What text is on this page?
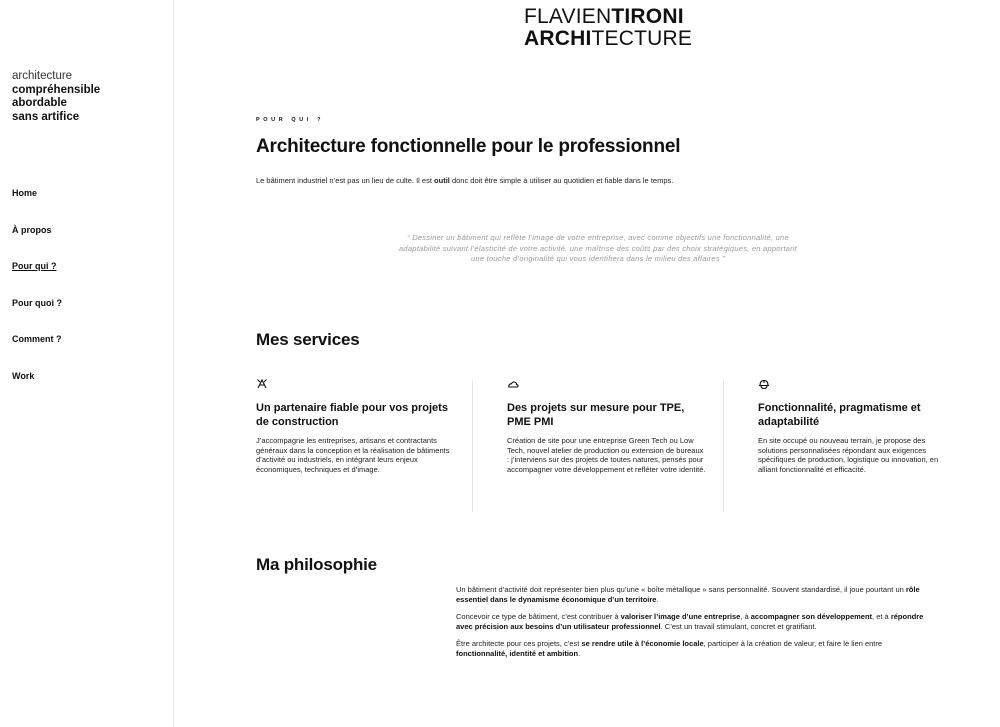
architecture
compréhensible
abordable
sans artifice
Home
À propos
Pour qui ?
Pour quoi ?
Comment ?
Work
FLAVIENTIRONI
ARCHITECTURE
POUR QUI ?
Architecture fonctionnelle pour le professionnel

Le bâtiment industriel n’est pas un lieu de culte. Il est outil donc doit être simple à utiliser au quotidien et fiable dans le temps.

“ Dessiner un bâtiment qui reflète l’image de votre entreprise, avec comme objectifs une fonctionnalité, une adaptabilité suivant l’élasticité de votre activité, une maîtrise des coûts par des choix stratégiques, en apportant une touche d’originalité qui vous identifiera dans le milieu des affaires ”

Mes services
Un partenaire fiable pour vos projets de construction

J’accompagne les entreprises, artisans et contractants généraux dans la conception et la réalisation de bâtiments d’activité ou industriels, en intégrant leurs enjeux économiques, techniques et d’image.

Des projets sur mesure pour TPE, PME PMI

Création de site pour une entreprise Green Tech ou Low Tech, nouvel atelier de production ou extension de bureaux : j’interviens sur des projets de toutes natures, pensés pour accompagner votre développement et refléter votre identité.

Fonctionnalité, pragmatisme et adaptabilité

En site occupé ou nouveau terrain, je propose des solutions personnalisées répondant aux exigences spécifiques de production, logistique ou innovation, en alliant fonctionnalité et efficacité.

Ma philosophie

Un bâtiment d’activité doit représenter bien plus qu’une « boîte métallique » sans personnalité. Souvent standardisé, il joue pourtant un rôle essentiel dans le dynamisme économique d’un territoire.

Concevoir ce type de bâtiment, c’est contribuer à valoriser l’image d’une entreprise, à accompagner son développement, et à répondre avec précision aux besoins d’un utilisateur professionnel. C’est un travail stimulant, concret et gratifiant.

Être architecte pour ces projets, c’est se rendre utile à l’économie locale, participer à la création de valeur, et faire le lien entre fonctionnalité, identité et ambition.
